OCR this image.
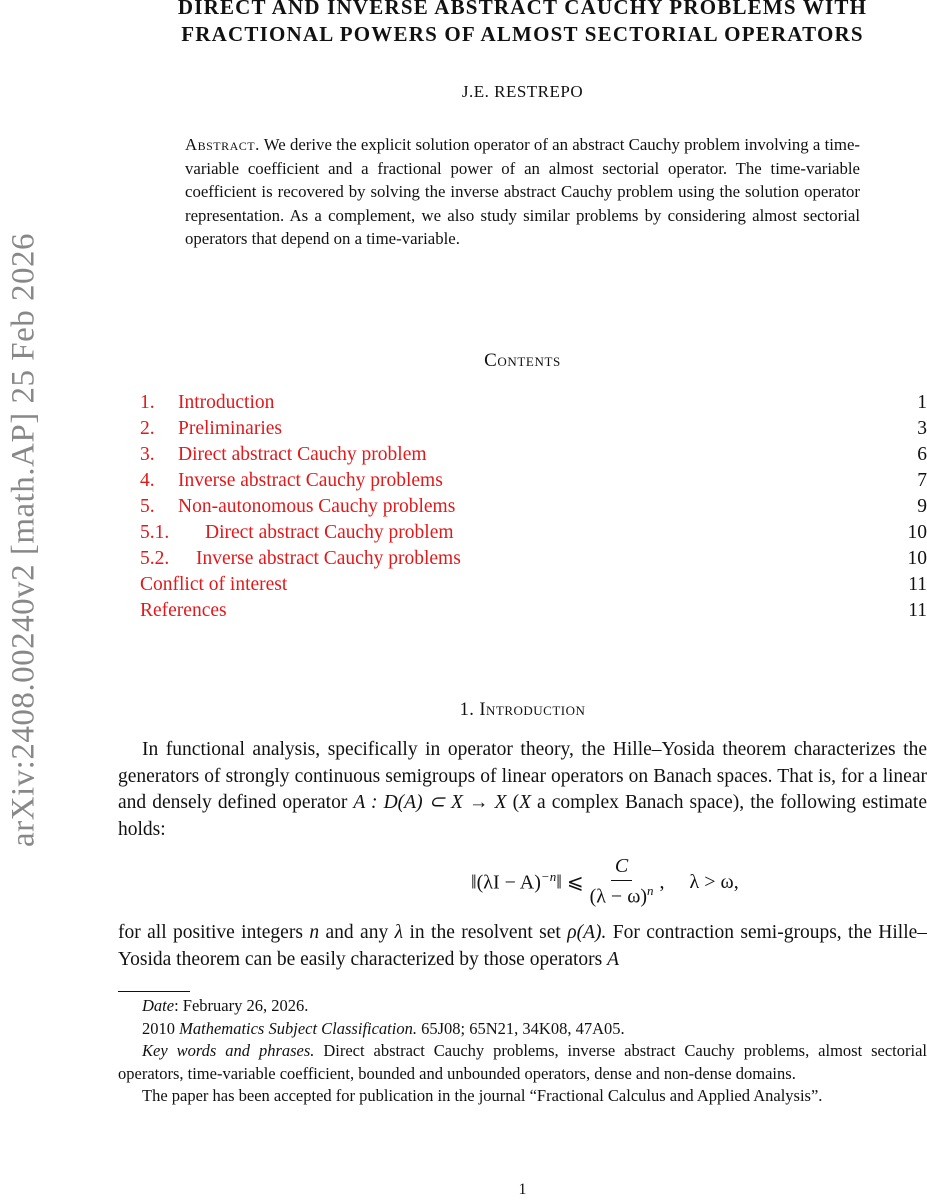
arXiv:2408.00240v2 [math.AP] 25 Feb 2026
DIRECT AND INVERSE ABSTRACT CAUCHY PROBLEMS WITH
FRACTIONAL POWERS OF ALMOST SECTORIAL OPERATORS
J.E. RESTREPO
Abstract. We derive the explicit solution operator of an abstract Cauchy problem involving a time-variable coefficient and a fractional power of an almost sectorial operator. The time-variable coefficient is recovered by solving the inverse abstract Cauchy problem using the solution operator representation. As a complement, we also study similar problems by considering almost sectorial operators that depend on a time-variable.
Contents
1. Introduction	1
2. Preliminaries	3
3. Direct abstract Cauchy problem	6
4. Inverse abstract Cauchy problems	7
5. Non-autonomous Cauchy problems	9
5.1. Direct abstract Cauchy problem	10
5.2. Inverse abstract Cauchy problems	10
Conflict of interest	11
References	11
1. Introduction
In functional analysis, specifically in operator theory, the Hille–Yosida theorem characterizes the generators of strongly continuous semigroups of linear operators on Banach spaces. That is, for a linear and densely defined operator A : D(A) ⊂ X → X (X a complex Banach space), the following estimate holds:
‖(λI − A)$^{-n}$‖ ⩽ $\frac{C}{(\lambda - \omega)^n}$ ,     λ > ω,
for all positive integers n and any λ in the resolvent set ρ(A). For contraction semi-groups, the Hille–Yosida theorem can be easily characterized by those operators A

Date: February 26, 2026.

2010 Mathematics Subject Classification. 65J08; 65N21, 34K08, 47A05.

Key words and phrases. Direct abstract Cauchy problems, inverse abstract Cauchy problems, almost sectorial operators, time-variable coefficient, bounded and unbounded operators, dense and non-dense domains.

The paper has been accepted for publication in the journal “Fractional Calculus and Applied Analysis”.

1
